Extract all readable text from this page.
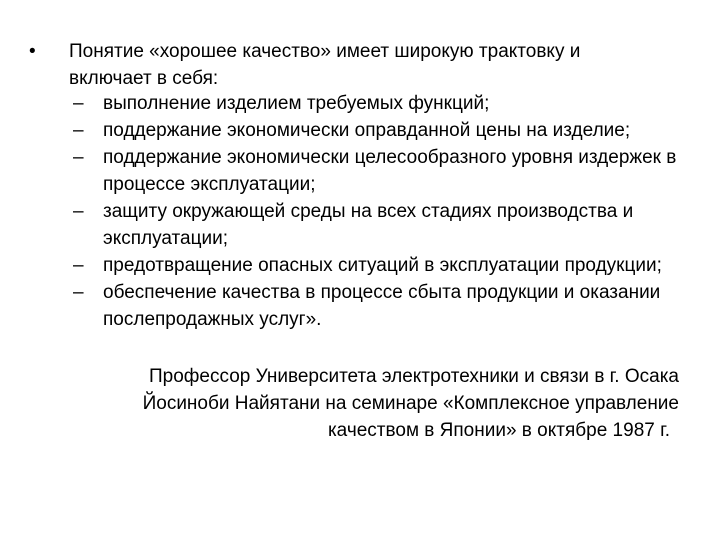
• Понятие «хорошее качество» имеет широкую трактовку и включает в себя:
– выполнение изделием требуемых функций;
– поддержание экономически оправданной цены на изделие;
– поддержание экономически целесообразного уровня издержек в процессе эксплуатации;
– защиту окружающей среды на всех стадиях производства и эксплуатации;
– предотвращение опасных ситуаций в эксплуатации продукции;
– обеспечение качества в процессе сбыта продукции и оказании послепродажных услуг».
Профессор Университета электротехники и связи в г. Осака
Йосиноби Найятани на семинаре «Комплексное управление
качеством в Японии» в октябре 1987 г.
